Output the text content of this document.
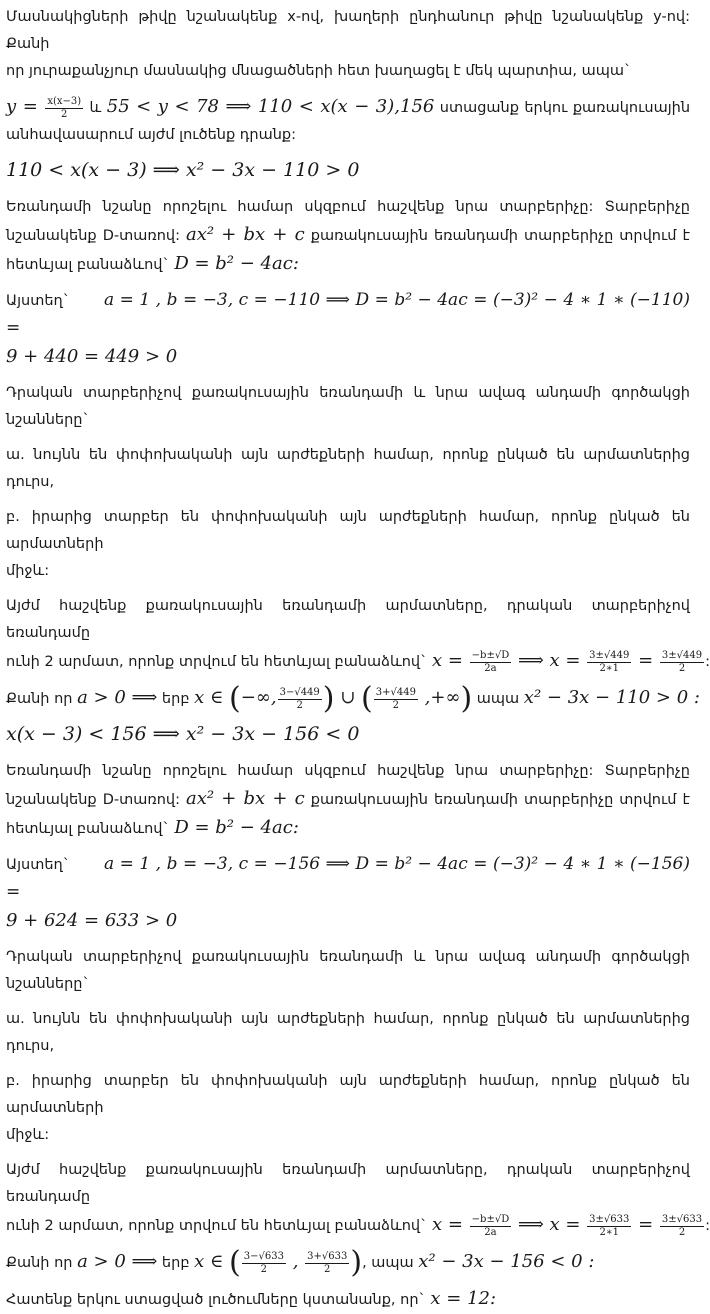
Մասնակիցների թիվը նշանակենք x-ով, խաղերի ընդհանուր թիվը նշանակենք y-ով: Քանի

որ յուրաքանչյուր մասնակից մնացածների հետ խաղացել է մեկ պարտիա, ապա`

$y = \frac{x(x-3)}{2}$ և 55 < y < 78 ⟹ 110 < x(x − 3),156 ստացանք երկու քառակուսային

անհավասարում այժմ լուծենք դրանք:

110 < x(x − 3) ⟹ x² − 3x − 110 > 0

Եռանդամի նշանը որոշելու համար սկզբում հաշվենք նրա տարբերիչը: Տարբերիչը

նշանակենք D-տառով: ax² + bx + c քառակուսային եռանդամի տարբերիչը տրվում է

հետևյալ բանաձևով` D = b² − 4ac:

Այստեղ` a = 1 , b = −3, c = −110 ⟹ D = b² − 4ac = (−3)² − 4 ∗ 1 ∗ (−110) =

9 + 440 = 449 > 0

Դրական տարբերիչով քառակուսային եռանդամի և նրա ավագ անդամի գործակցի

նշանները`

ա. նույնն են փոփոխականի այն արժեքների համար, որոնք ընկած են արմատներից դուրս,

բ. իրարից տարբեր են փոփոխականի այն արժեքների համար, որոնք ընկած են արմատների

միջև:

Այժմ հաշվենք քառակուսային եռանդամի արմատները, դրական տարբերիչով եռանդամը

ունի 2 արմատ, որոնք տրվում են հետևյալ բանաձևով` $x = \frac{-b\pm√D}{2a}$ ⟹ $x = \frac{3\pm√449}{2∗1} = \frac{3\pm√449}{2}$ :

Քանի որ a > 0 ⟹ երբ x ∈ (−∞, $\frac{3-√449}{2}$ ) ∪ ( $\frac{3+√449}{2}$ ,+∞) ապա x² − 3x − 110 > 0 :

x(x − 3) < 156 ⟹ x² − 3x − 156 < 0

Եռանդամի նշանը որոշելու համար սկզբում հաշվենք նրա տարբերիչը: Տարբերիչը

նշանակենք D-տառով: ax² + bx + c քառակուսային եռանդամի տարբերիչը տրվում է

հետևյալ բանաձևով` D = b² − 4ac:

Այստեղ` a = 1 , b = −3, c = −156 ⟹ D = b² − 4ac = (−3)² − 4 ∗ 1 ∗ (−156) =

9 + 624 = 633 > 0

Դրական տարբերիչով քառակուսային եռանդամի և նրա ավագ անդամի գործակցի

նշանները`

ա. նույնն են փոփոխականի այն արժեքների համար, որոնք ընկած են արմատներից դուրս,

բ. իրարից տարբեր են փոփոխականի այն արժեքների համար, որոնք ընկած են արմատների

միջև:

Այժմ հաշվենք քառակուսային եռանդամի արմատները, դրական տարբերիչով եռանդամը

ունի 2 արմատ, որոնք տրվում են հետևյալ բանաձևով` $x = \frac{-b\pm√D}{2a}$ ⟹ $x = \frac{3\pm√633}{2∗1} = \frac{3\pm√633}{2}$ :

Քանի որ a > 0 ⟹ երբ x ∈ ( $\frac{3-√633}{2}$ , $\frac{3+√633}{2}$ ), ապա x² − 3x − 156 < 0 :

Հատենք երկու ստացված լուծումները կստանանք, որ` x = 12:
